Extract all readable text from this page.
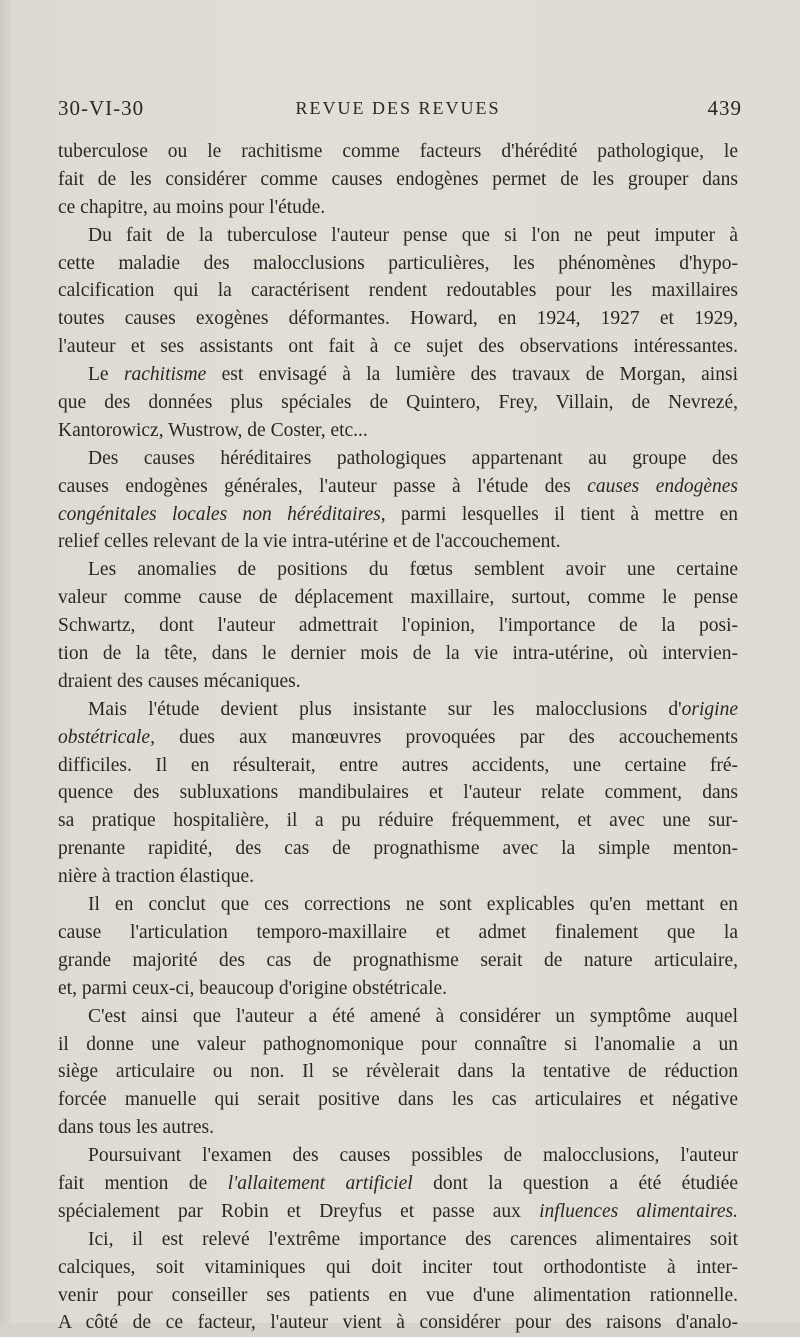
30-VI-30	REVUE DES REVUES	439
tuberculose ou le rachitisme comme facteurs d'hérédité pathologique, le
fait de les considérer comme causes endogènes permet de les grouper dans
ce chapitre, au moins pour l'étude.
Du fait de la tuberculose l'auteur pense que si l'on ne peut imputer à
cette maladie des malocclusions particulières, les phénomènes d'hypo-
calcification qui la caractérisent rendent redoutables pour les maxillaires
toutes causes exogènes déformantes. Howard, en 1924, 1927 et 1929,
l'auteur et ses assistants ont fait à ce sujet des observations intéressantes.
Le rachitisme est envisagé à la lumière des travaux de Morgan, ainsi
que des données plus spéciales de Quintero, Frey, Villain, de Nevrezé,
Kantorowicz, Wustrow, de Coster, etc...
Des causes héréditaires pathologiques appartenant au groupe des
causes endogènes générales, l'auteur passe à l'étude des causes endogènes
congénitales locales non héréditaires, parmi lesquelles il tient à mettre en
relief celles relevant de la vie intra-utérine et de l'accouchement.
Les anomalies de positions du fœtus semblent avoir une certaine
valeur comme cause de déplacement maxillaire, surtout, comme le pense
Schwartz, dont l'auteur admettrait l'opinion, l'importance de la posi-
tion de la tête, dans le dernier mois de la vie intra-utérine, où intervien-
draient des causes mécaniques.
Mais l'étude devient plus insistante sur les malocclusions d'origine
obstétricale, dues aux manœuvres provoquées par des accouchements
difficiles. Il en résulterait, entre autres accidents, une certaine fré-
quence des subluxations mandibulaires et l'auteur relate comment, dans
sa pratique hospitalière, il a pu réduire fréquemment, et avec une sur-
prenante rapidité, des cas de prognathisme avec la simple menton-
nière à traction élastique.
Il en conclut que ces corrections ne sont explicables qu'en mettant en
cause l'articulation temporo-maxillaire et admet finalement que la
grande majorité des cas de prognathisme serait de nature articulaire,
et, parmi ceux-ci, beaucoup d'origine obstétricale.
C'est ainsi que l'auteur a été amené à considérer un symptôme auquel
il donne une valeur pathognomonique pour connaître si l'anomalie a un
siège articulaire ou non. Il se révèlerait dans la tentative de réduction
forcée manuelle qui serait positive dans les cas articulaires et négative
dans tous les autres.
Poursuivant l'examen des causes possibles de malocclusions, l'auteur
fait mention de l'allaitement artificiel dont la question a été étudiée
spécialement par Robin et Dreyfus et passe aux influences alimentaires.
Ici, il est relevé l'extrême importance des carences alimentaires soit
calciques, soit vitaminiques qui doit inciter tout orthodontiste à inter-
venir pour conseiller ses patients en vue d'une alimentation rationnelle.
A côté de ce facteur, l'auteur vient à considérer pour des raisons d'analo-
